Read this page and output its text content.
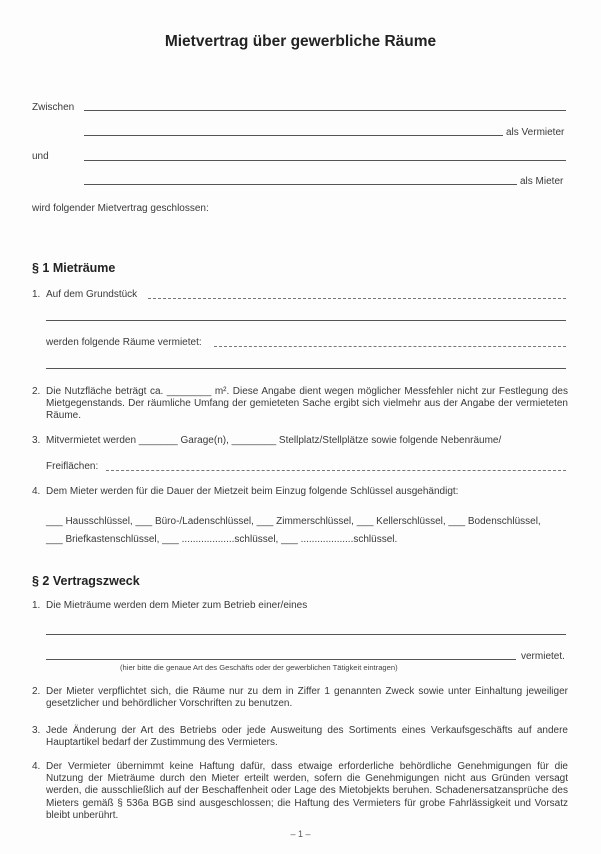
Mietvertrag über gewerbliche Räume
Zwischen
als Vermieter
und
als Mieter
wird folgender Mietvertrag geschlossen:
§ 1 Mieträume
1. Auf dem Grundstück
werden folgende Räume vermietet:
2. Die Nutzfläche beträgt ca. ________ m². Diese Angabe dient wegen möglicher Messfehler nicht zur Festlegung des Mietgegenstands. Der räumliche Umfang der gemieteten Sache ergibt sich vielmehr aus der Angabe der vermieteten Räume.
3. Mitvermietet werden _______ Garage(n), ________ Stellplatz/Stellplätze sowie folgende Nebenräume/
Freiflächen:
4. Dem Mieter werden für die Dauer der Mietzeit beim Einzug folgende Schlüssel ausgehändigt:
___ Hausschlüssel, ___ Büro-/Ladenschlüssel, ___ Zimmerschlüssel, ___ Kellerschlüssel, ___ Bodenschlüssel,
___ Briefkastenschlüssel, ___ ...................schlüssel, ___ ...................schlüssel.
§ 2 Vertragszweck
1. Die Mieträume werden dem Mieter zum Betrieb einer/eines
vermietet.
(hier bitte die genaue Art des Geschäfts oder der gewerblichen Tätigkeit eintragen)
2. Der Mieter verpflichtet sich, die Räume nur zu dem in Ziffer 1 genannten Zweck sowie unter Einhaltung jeweiliger gesetzlicher und behördlicher Vorschriften zu benutzen.
3. Jede Änderung der Art des Betriebs oder jede Ausweitung des Sortiments eines Verkaufsgeschäfts auf andere Hauptartikel bedarf der Zustimmung des Vermieters.
4. Der Vermieter übernimmt keine Haftung dafür, dass etwaige erforderliche behördliche Genehmigungen für die Nutzung der Mieträume durch den Mieter erteilt werden, sofern die Genehmigungen nicht aus Gründen versagt werden, die ausschließlich auf der Beschaffenheit oder Lage des Mietobjekts beruhen. Schadenersatzansprüche des Mieters gemäß § 536a BGB sind ausgeschlossen; die Haftung des Vermieters für grobe Fahrlässigkeit und Vorsatz bleibt unberührt.
– 1 –
